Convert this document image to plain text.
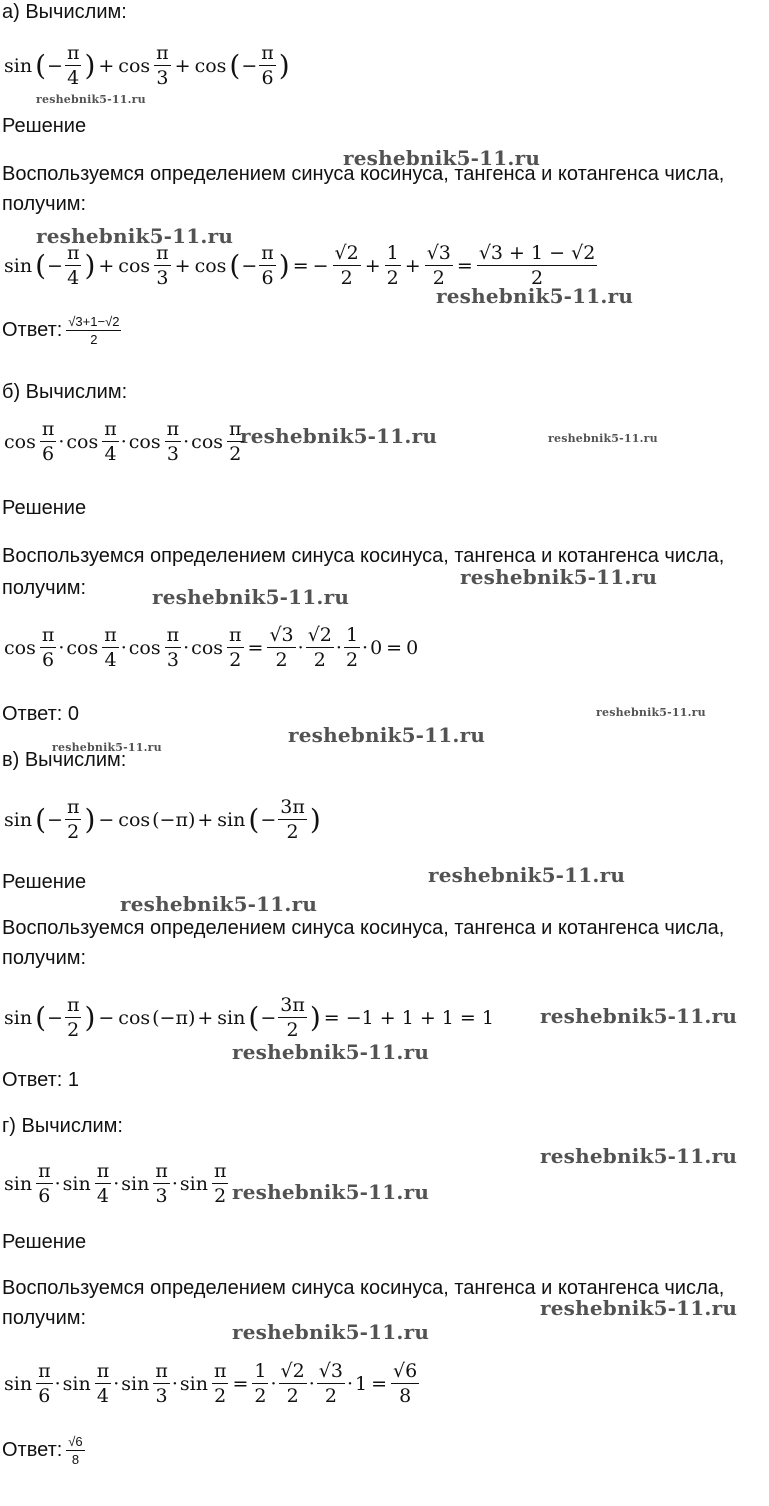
а) Вычислим:
sin ( − $\frac{\pi}{4}$ ) + $\cos \frac{\pi}{3} + \cos$ ( − $\frac{\pi}{6}$ )
reshebnik5-11.ru
Решение
reshebnik5-11.ru
Воспользуемся определением синуса косинуса, тангенса и котангенса числа,
получим:
reshebnik5-11.ru
sin ( − $\frac{\pi}{4}$ ) + $\cos \frac{\pi}{3} + \cos$ ( − $\frac{\pi}{6}$ ) = − $\frac{√2}{2} + \frac{1}{2} + \frac{√3}{2} = \frac{√3 + 1 - √2}{2}$
reshebnik5-11.ru
Ответ: $\frac{√3+1-√2}{2}$
б) Вычислим:
$\cos \frac{\pi}{6} \cdot \cos \frac{\pi}{4} \cdot \cos \frac{\pi}{3} \cdot \cos \frac{\pi}{2}$
reshebnik5-11.ru	reshebnik5-11.ru
Решение
Воспользуемся определением синуса косинуса, тангенса и котангенса числа,
reshebnik5-11.ru
получим:	reshebnik5-11.ru
$\cos \frac{\pi}{6} \cdot \cos \frac{\pi}{4} \cdot \cos \frac{\pi}{3} \cdot \cos \frac{\pi}{2} = \frac{√3}{2} \cdot \frac{√2}{2} \cdot \frac{1}{2} \cdot 0 = 0$
Ответ: 0	reshebnik5-11.ru
reshebnik5-11.ru
в) Вычислим:
reshebnik5-11.ru
sin ( − $\frac{\pi}{2}$ ) − cos (−π) + sin ( − $\frac{3\pi}{2}$ )
Решение	reshebnik5-11.ru
reshebnik5-11.ru
Воспользуемся определением синуса косинуса, тангенса и котангенса числа,
получим:
sin ( − $\frac{\pi}{2}$ ) − cos (−π) + sin ( − $\frac{3\pi}{2}$ ) = −1 + 1 + 1 = 1 reshebnik5-11.ru
reshebnik5-11.ru
Ответ: 1
г) Вычислим:
reshebnik5-11.ru
$\sin \frac{\pi}{6} \cdot \sin \frac{\pi}{4} \cdot \sin \frac{\pi}{3} \cdot \sin \frac{\pi}{2}$ reshebnik5-11.ru
Решение
Воспользуемся определением синуса косинуса, тангенса и котангенса числа,
reshebnik5-11.ru
получим:
reshebnik5-11.ru
$\sin \frac{\pi}{6} \cdot \sin \frac{\pi}{4} \cdot \sin \frac{\pi}{3} \cdot \sin \frac{\pi}{2} = \frac{1}{2} \cdot \frac{√2}{2} \cdot \frac{√3}{2} \cdot 1 = \frac{√6}{8}$
Ответ: $\frac{√6}{8}$
